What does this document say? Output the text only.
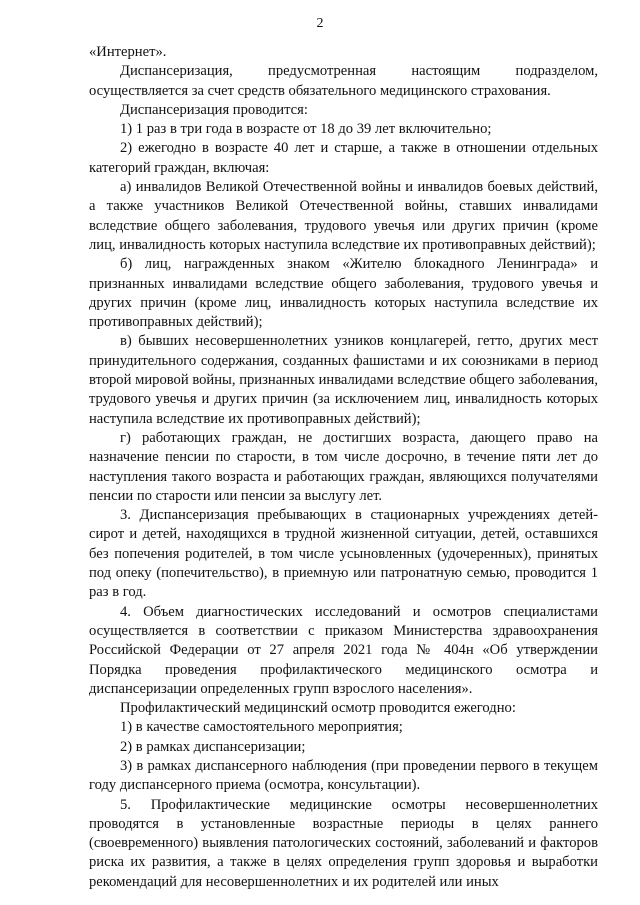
2

«Интернет».

Диспансеризация, предусмотренная настоящим подразделом, осуществляется за счет средств обязательного медицинского страхования.

Диспансеризация проводится:

1) 1 раз в три года в возрасте от 18 до 39 лет включительно;

2) ежегодно в возрасте 40 лет и старше, а также в отношении отдельных категорий граждан, включая:

а) инвалидов Великой Отечественной войны и инвалидов боевых действий, а также участников Великой Отечественной войны, ставших инвалидами вследствие общего заболевания, трудового увечья или других причин (кроме лиц, инвалидность которых наступила вследствие их противоправных действий);

б) лиц, награжденных знаком «Жителю блокадного Ленинграда» и признанных инвалидами вследствие общего заболевания, трудового увечья и других причин (кроме лиц, инвалидность которых наступила вследствие их противоправных действий);

в) бывших несовершеннолетних узников концлагерей, гетто, других мест принудительного содержания, созданных фашистами и их союзниками в период второй мировой войны, признанных инвалидами вследствие общего заболевания, трудового увечья и других причин (за исключением лиц, инвалидность которых наступила вследствие их противоправных действий);

г) работающих граждан, не достигших возраста, дающего право на назначение пенсии по старости, в том числе досрочно, в течение пяти лет до наступления такого возраста и работающих граждан, являющихся получателями пенсии по старости или пенсии за выслугу лет.

3. Диспансеризация пребывающих в стационарных учреждениях детей-сирот и детей, находящихся в трудной жизненной ситуации, детей, оставшихся без попечения родителей, в том числе усыновленных (удочеренных), принятых под опеку (попечительство), в приемную или патронатную семью, проводится 1 раз в год.

4. Объем диагностических исследований и осмотров специалистами осуществляется в соответствии с приказом Министерства здравоохранения Российской Федерации от 27 апреля 2021 года № 404н «Об утверждении Порядка проведения профилактического медицинского осмотра и диспансеризации определенных групп взрослого населения».

Профилактический медицинский осмотр проводится ежегодно:

1) в качестве самостоятельного мероприятия;

2) в рамках диспансеризации;

3) в рамках диспансерного наблюдения (при проведении первого в текущем году диспансерного приема (осмотра, консультации).

5. Профилактические медицинские осмотры несовершеннолетних проводятся в установленные возрастные периоды в целях раннего (своевременного) выявления патологических состояний, заболеваний и факторов риска их развития, а также в целях определения групп здоровья и выработки рекомендаций для несовершеннолетних и их родителей или иных
